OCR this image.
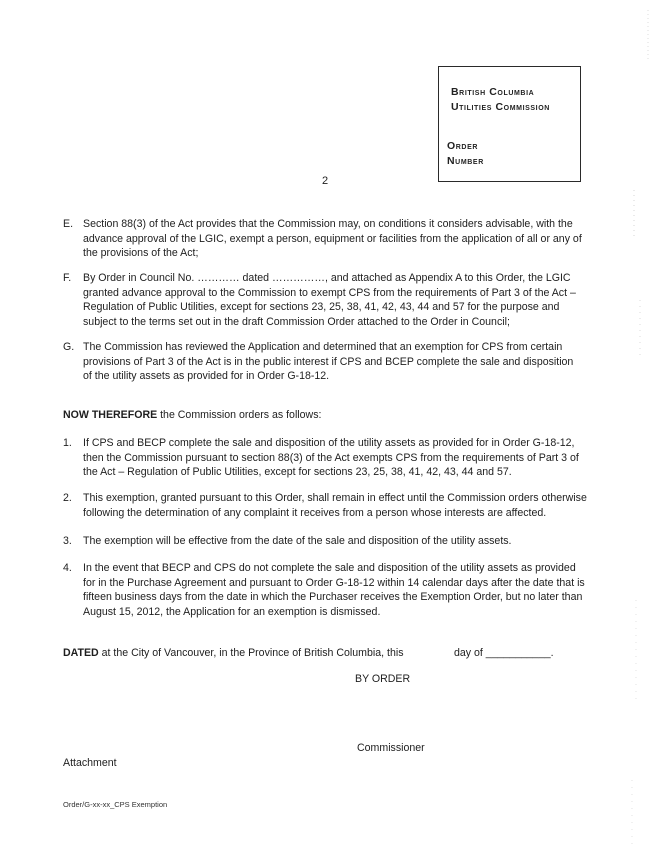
British Columbia
Utilities Commission
Order
Number
2
E. Section 88(3) of the Act provides that the Commission may, on conditions it considers advisable, with the advance approval of the LGIC, exempt a person, equipment or facilities from the application of all or any of the provisions of the Act;
F. By Order in Council No. ………… dated ……………, and attached as Appendix A to this Order, the LGIC granted advance approval to the Commission to exempt CPS from the requirements of Part 3 of the Act – Regulation of Public Utilities, except for sections 23, 25, 38, 41, 42, 43, 44 and 57 for the purpose and subject to the terms set out in the draft Commission Order attached to the Order in Council;
G. The Commission has reviewed the Application and determined that an exemption for CPS from certain provisions of Part 3 of the Act is in the public interest if CPS and BCEP complete the sale and disposition of the utility assets as provided for in Order G-18-12.
NOW THEREFORE the Commission orders as follows:
1. If CPS and BECP complete the sale and disposition of the utility assets as provided for in Order G-18-12, then the Commission pursuant to section 88(3) of the Act exempts CPS from the requirements of Part 3 of the Act – Regulation of Public Utilities, except for sections 23, 25, 38, 41, 42, 43, 44 and 57.
2. This exemption, granted pursuant to this Order, shall remain in effect until the Commission orders otherwise following the determination of any complaint it receives from a person whose interests are affected.
3. The exemption will be effective from the date of the sale and disposition of the utility assets.
4. In the event that BECP and CPS do not complete the sale and disposition of the utility assets as provided for in the Purchase Agreement and pursuant to Order G-18-12 within 14 calendar days after the date that is fifteen business days from the date in which the Purchaser receives the Exemption Order, but no later than August 15, 2012, the Application for an exemption is dismissed.
DATED at the City of Vancouver, in the Province of British Columbia, this	day of ___________.
BY ORDER
Commissioner
Attachment
Order/G-xx-xx_CPS Exemption
